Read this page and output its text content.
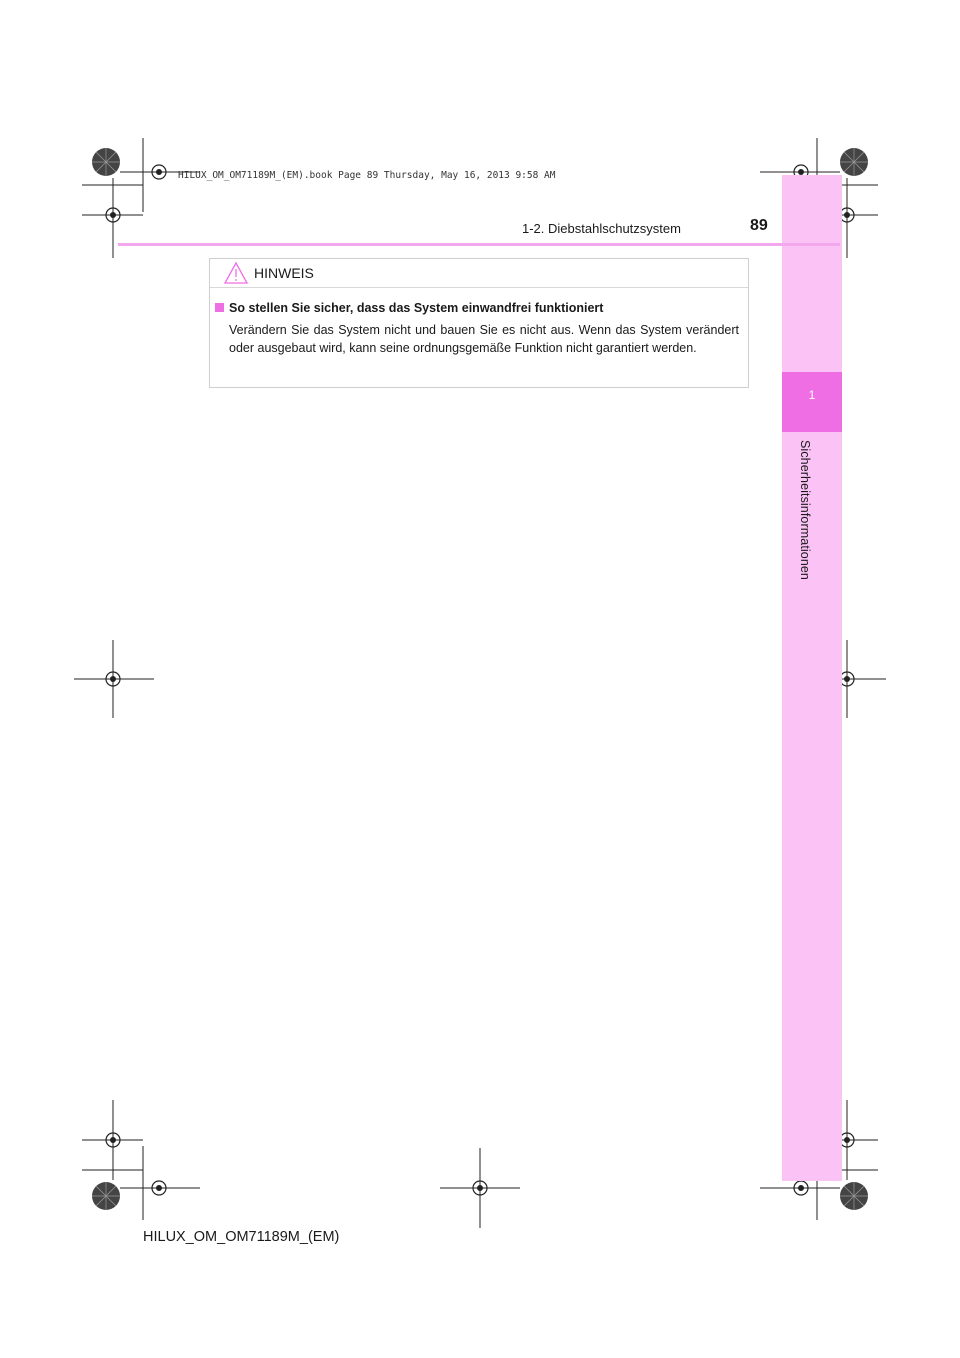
1
Sicherheitsinformationen
HILUX_OM_OM71189M_(EM).book Page 89 Thursday, May 16, 2013 9:58 AM
1-2. Diebstahlschutzsystem	89
HINWEIS
So stellen Sie sicher, dass das System einwandfrei funktioniert
Verändern Sie das System nicht und bauen Sie es nicht aus. Wenn das System verändert oder ausgebaut wird, kann seine ordnungsgemäße Funktion nicht garantiert werden.
HILUX_OM_OM71189M_(EM)
